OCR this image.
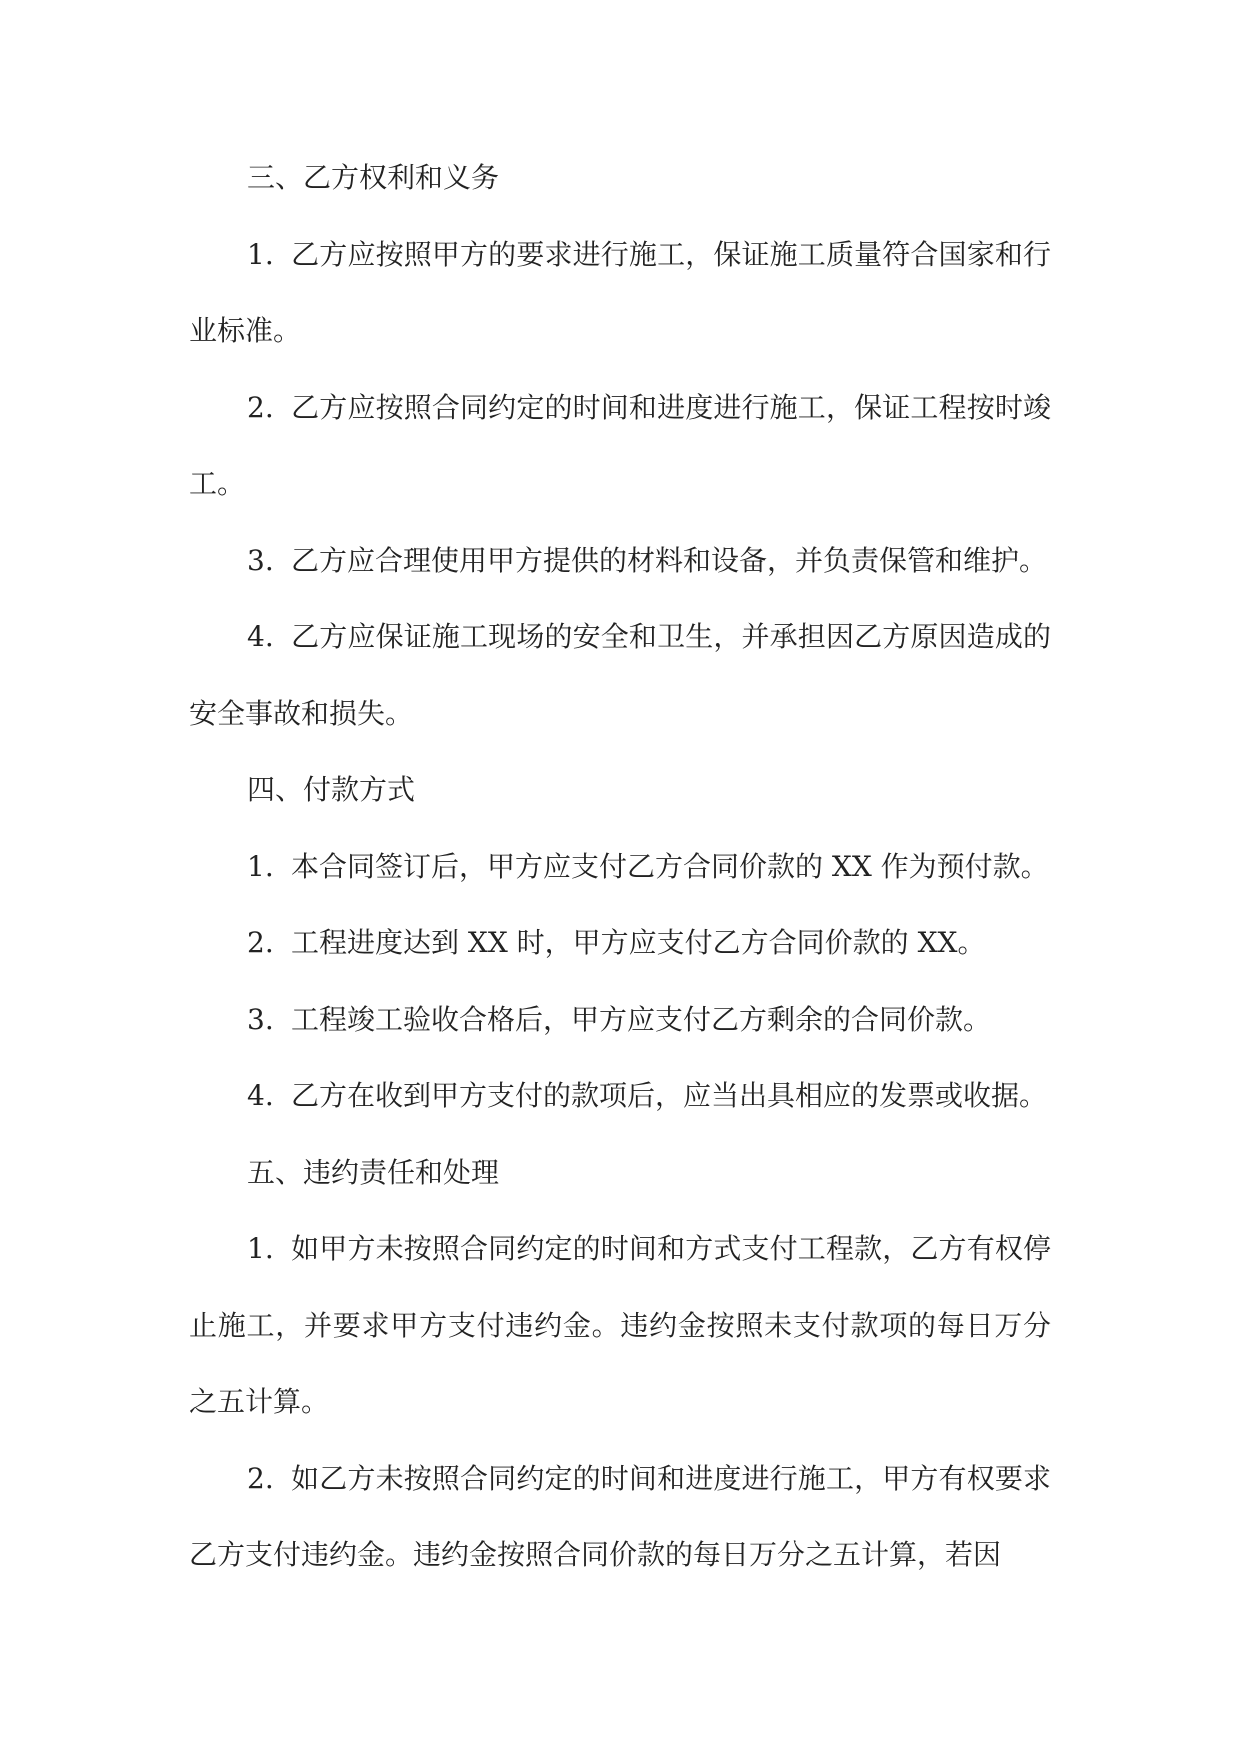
三、乙方权利和义务

1. 乙方应按照甲方的要求进行施工，保证施工质量符合国家和行业标准。

2. 乙方应按照合同约定的时间和进度进行施工，保证工程按时竣工。

3. 乙方应合理使用甲方提供的材料和设备，并负责保管和维护。

4. 乙方应保证施工现场的安全和卫生，并承担因乙方原因造成的安全事故和损失。

四、付款方式

1. 本合同签订后，甲方应支付乙方合同价款的 XX 作为预付款。

2. 工程进度达到 XX 时，甲方应支付乙方合同价款的 XX。

3. 工程竣工验收合格后，甲方应支付乙方剩余的合同价款。

4. 乙方在收到甲方支付的款项后，应当出具相应的发票或收据。

五、违约责任和处理

1. 如甲方未按照合同约定的时间和方式支付工程款，乙方有权停止施工，并要求甲方支付违约金。违约金按照未支付款项的每日万分之五计算。

2. 如乙方未按照合同约定的时间和进度进行施工，甲方有权要求乙方支付违约金。违约金按照合同价款的每日万分之五计算，若因
